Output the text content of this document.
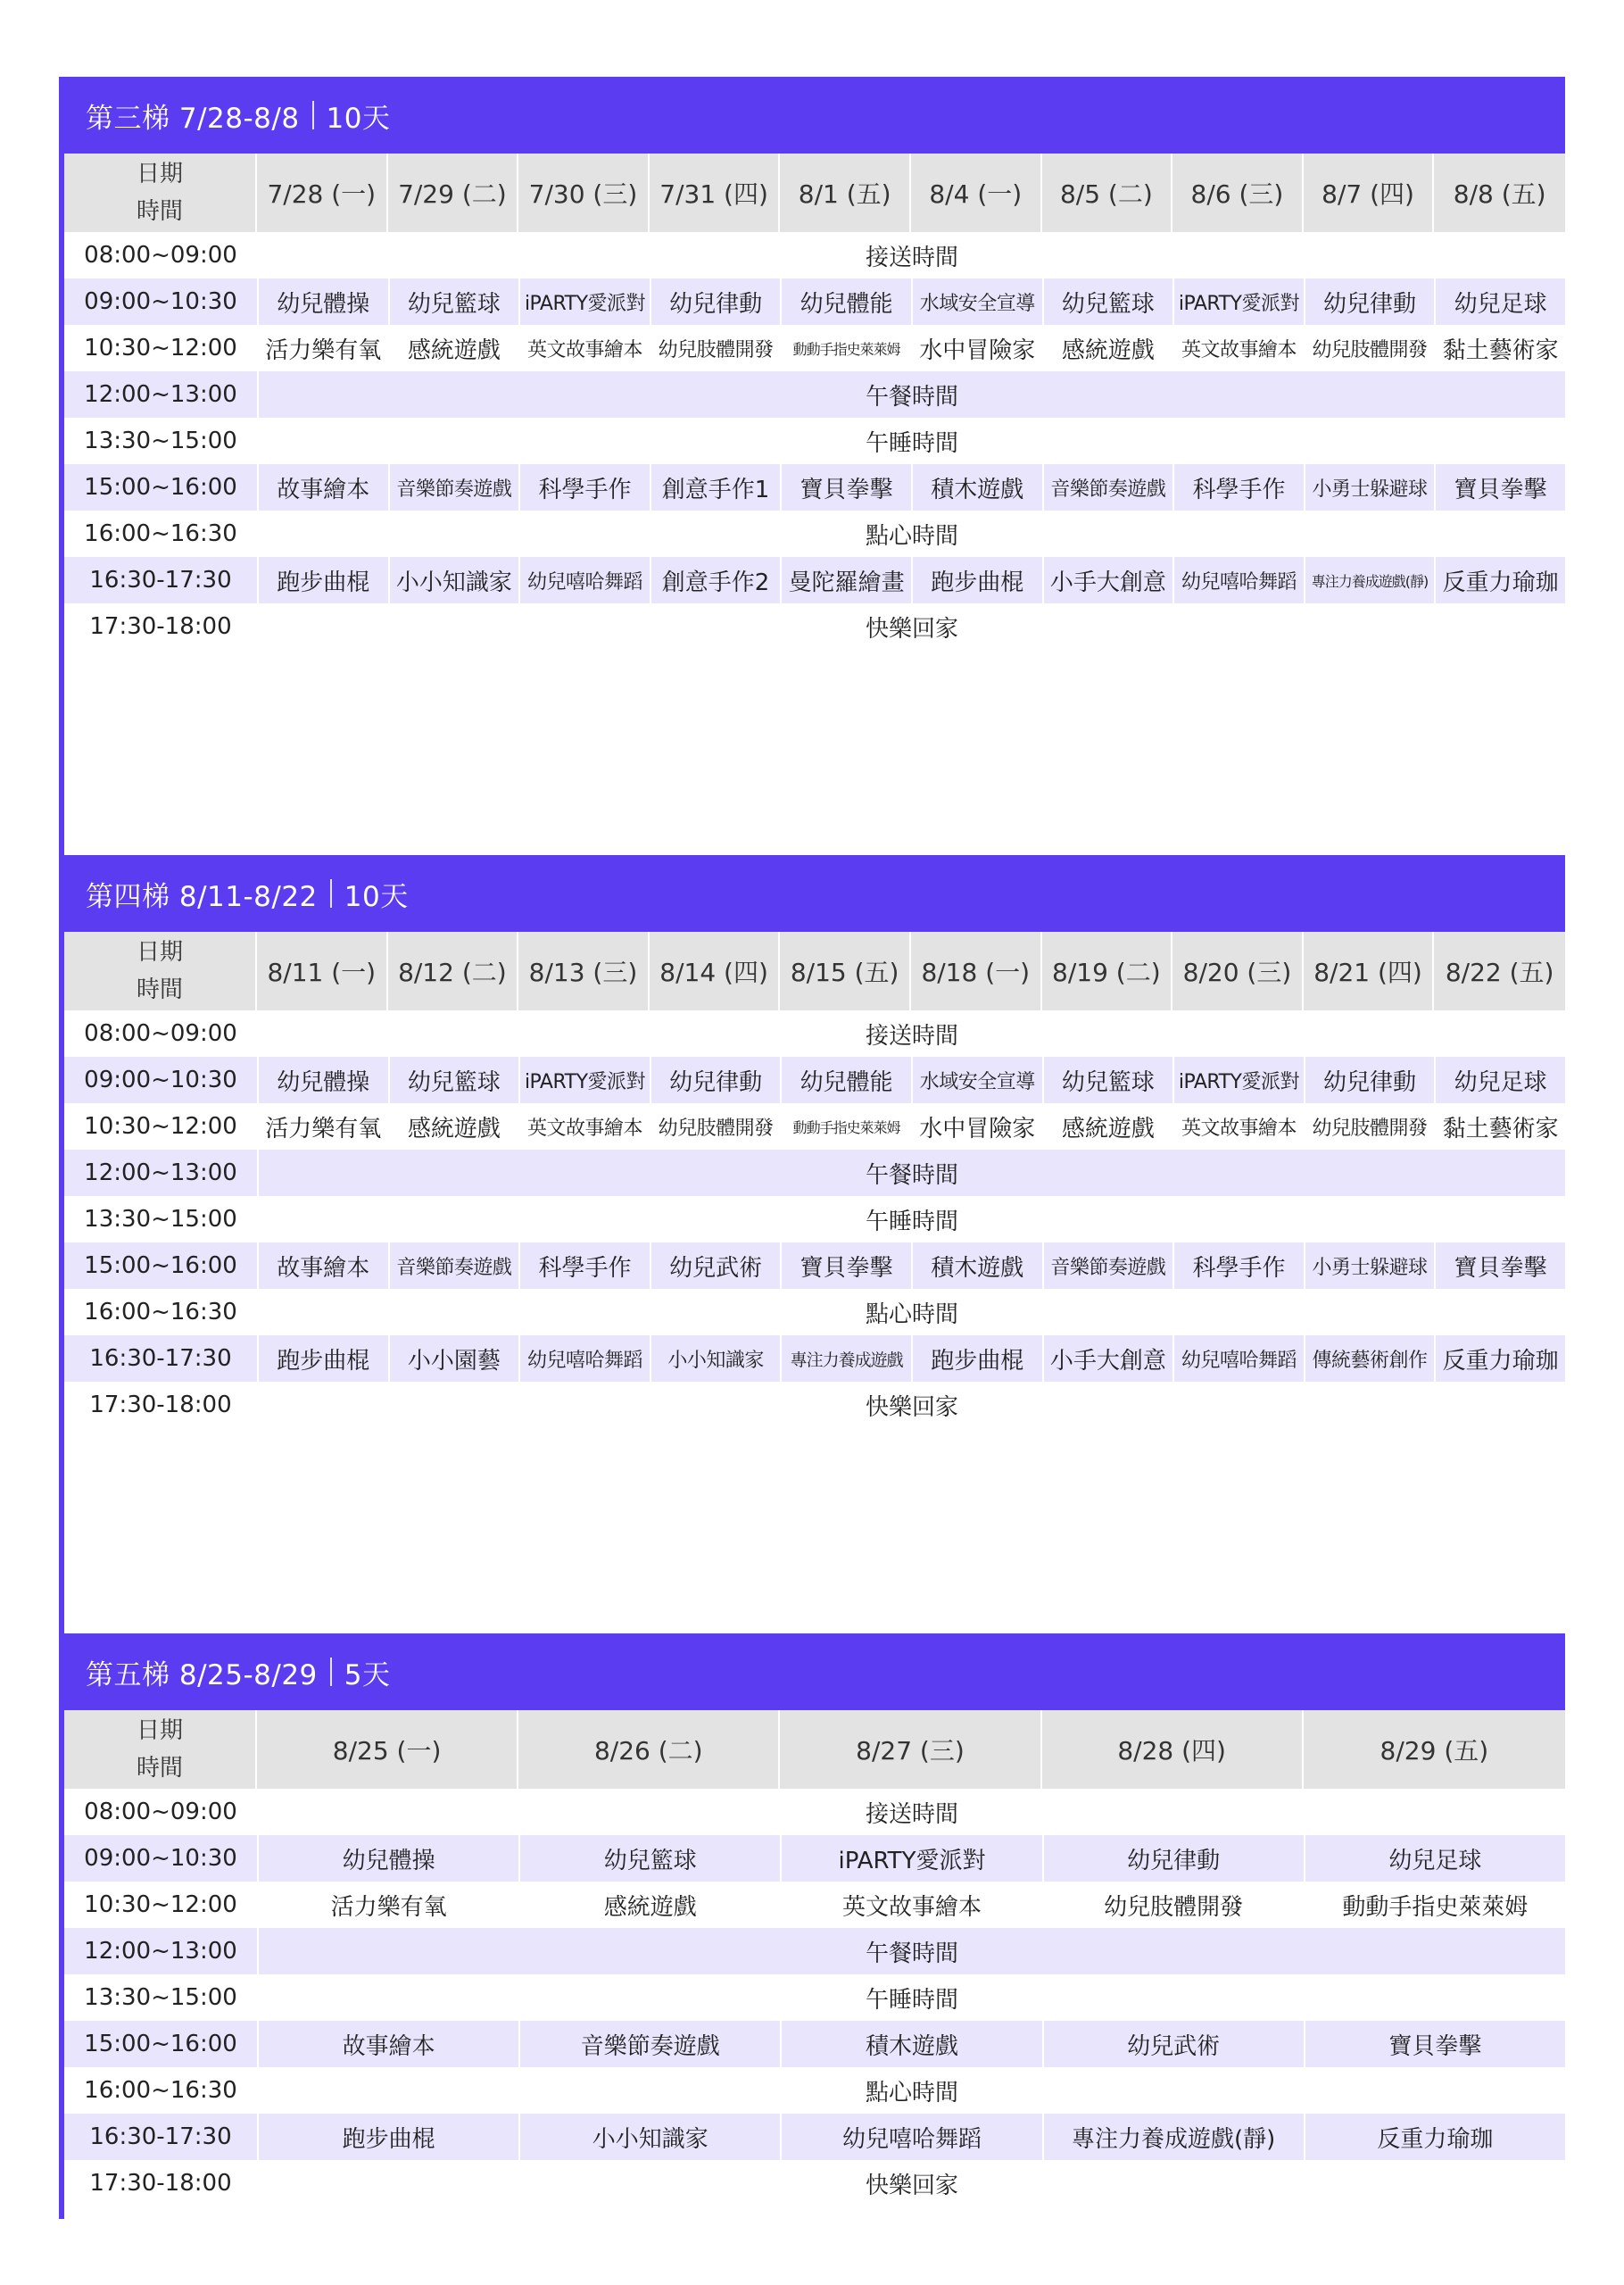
第三梯 7/28-8/8 10天
日期
時間	7/28 (一)	7/29 (二)	7/30 (三)	7/31 (四)	8/1 (五)	8/4 (一)	8/5 (二)	8/6 (三)	8/7 (四)	8/8 (五)
08:00~09:00	接送時間									
09:00~10:30	幼兒體操	幼兒籃球	iPARTY愛派對	幼兒律動	幼兒體能	水域安全宣導	幼兒籃球	iPARTY愛派對	幼兒律動	幼兒足球
10:30~12:00	活力樂有氧	感統遊戲	英文故事繪本	幼兒肢體開發	動動手指史萊萊姆	水中冒險家	感統遊戲	英文故事繪本	幼兒肢體開發	黏土藝術家
12:00~13:00	午餐時間									
13:30~15:00	午睡時間									
15:00~16:00	故事繪本	音樂節奏遊戲	科學手作	創意手作1	寶貝拳擊	積木遊戲	音樂節奏遊戲	科學手作	小勇士躲避球	寶貝拳擊
16:00~16:30	點心時間									
16:30-17:30	跑步曲棍	小小知識家	幼兒嘻哈舞蹈	創意手作2	曼陀羅繪畫	跑步曲棍	小手大創意	幼兒嘻哈舞蹈	專注力養成遊戲(靜)	反重力瑜珈
17:30-18:00	快樂回家									
第四梯 8/11-8/22 10天
日期
時間	8/11 (一)	8/12 (二)	8/13 (三)	8/14 (四)	8/15 (五)	8/18 (一)	8/19 (二)	8/20 (三)	8/21 (四)	8/22 (五)
08:00~09:00	接送時間									
09:00~10:30	幼兒體操	幼兒籃球	iPARTY愛派對	幼兒律動	幼兒體能	水域安全宣導	幼兒籃球	iPARTY愛派對	幼兒律動	幼兒足球
10:30~12:00	活力樂有氧	感統遊戲	英文故事繪本	幼兒肢體開發	動動手指史萊萊姆	水中冒險家	感統遊戲	英文故事繪本	幼兒肢體開發	黏土藝術家
12:00~13:00	午餐時間									
13:30~15:00	午睡時間									
15:00~16:00	故事繪本	音樂節奏遊戲	科學手作	幼兒武術	寶貝拳擊	積木遊戲	音樂節奏遊戲	科學手作	小勇士躲避球	寶貝拳擊
16:00~16:30	點心時間									
16:30-17:30	跑步曲棍	小小園藝	幼兒嘻哈舞蹈	小小知識家	專注力養成遊戲	跑步曲棍	小手大創意	幼兒嘻哈舞蹈	傳統藝術創作	反重力瑜珈
17:30-18:00	快樂回家									
第五梯 8/25-8/29 5天
日期
時間	8/25 (一)	8/26 (二)	8/27 (三)	8/28 (四)	8/29 (五)
08:00~09:00	接送時間				
09:00~10:30	幼兒體操	幼兒籃球	iPARTY愛派對	幼兒律動	幼兒足球
10:30~12:00	活力樂有氧	感統遊戲	英文故事繪本	幼兒肢體開發	動動手指史萊萊姆
12:00~13:00	午餐時間				
13:30~15:00	午睡時間				
15:00~16:00	故事繪本	音樂節奏遊戲	積木遊戲	幼兒武術	寶貝拳擊
16:00~16:30	點心時間				
16:30-17:30	跑步曲棍	小小知識家	幼兒嘻哈舞蹈	專注力養成遊戲(靜)	反重力瑜珈
17:30-18:00	快樂回家				
